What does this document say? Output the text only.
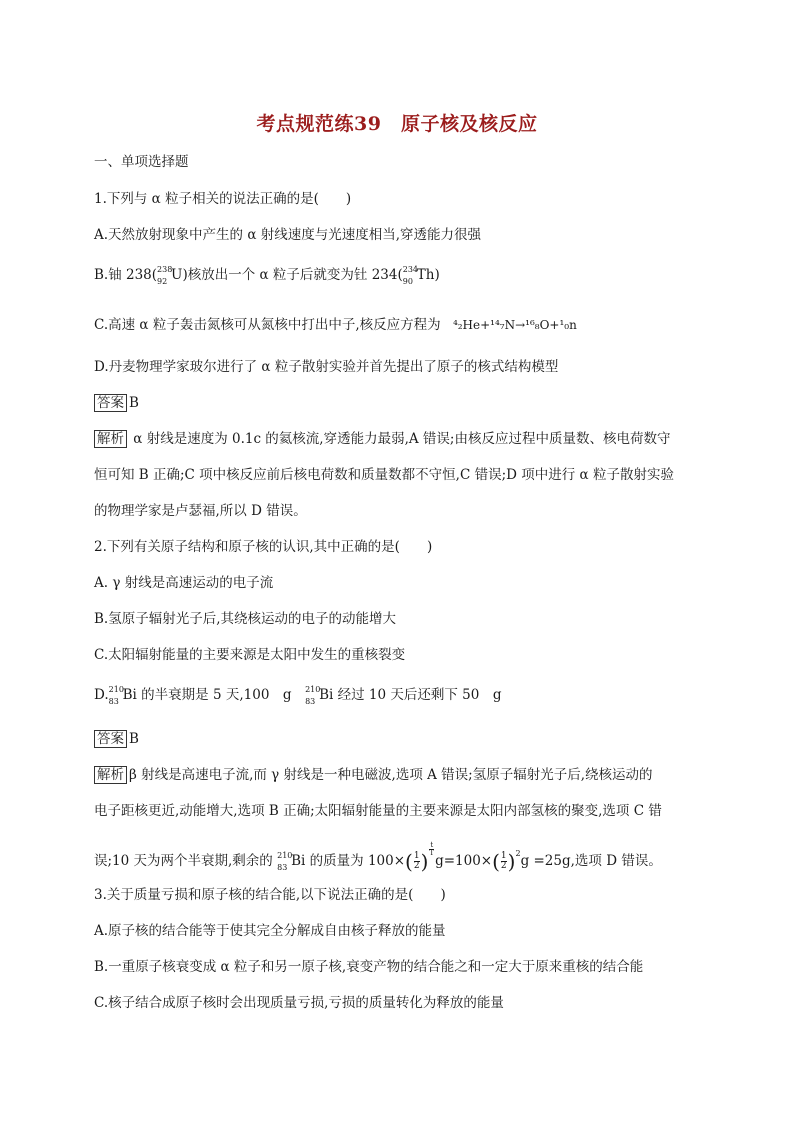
考点规范练39　原子核及核反应
一、单项选择题
1.下列与 α 粒子相关的说法正确的是(　　)
A.天然放射现象中产生的 α 射线速度与光速度相当,穿透能力很强
B.铀 238( 238
92 U)核放出一个 α 粒子后就变为钍 234( 234
90 Th)
C.高速 α 粒子轰击氮核可从氮核中打出中子,核反应方程为 ⁴₂He+¹⁴₇N→¹⁶₈O+¹₀n
D.丹麦物理学家玻尔进行了 α 粒子散射实验并首先提出了原子的核式结构模型
答案 B
解析 α 射线是速度为 0.1c 的氦核流,穿透能力最弱,A 错误;由核反应过程中质量数、核电荷数守
恒可知 B 正确;C 项中核反应前后核电荷数和质量数都不守恒,C 错误;D 项中进行 α 粒子散射实验
的物理学家是卢瑟福,所以 D 错误。
2.下列有关原子结构和原子核的认识,其中正确的是(　　)
A. γ 射线是高速运动的电子流
B.氢原子辐射光子后,其绕核运动的电子的动能增大
C.太阳辐射能量的主要来源是太阳中发生的重核裂变
D. 210
83 Bi 的半衰期是 5 天,100　g　 210
83 Bi 经过 10 天后还剩下 50　g
答案 B
解析 β 射线是高速电子流,而 γ 射线是一种电磁波,选项 A 错误;氢原子辐射光子后,绕核运动的
电子距核更近,动能增大,选项 B 正确;太阳辐射能量的主要来源是太阳内部氢核的聚变,选项 C 错
误;10 天为两个半衰期,剩余的 210
83 Bi 的质量为 $100\times( \frac{1}{2}$ ) $\frac{t}{T}$
$g=100\times( \frac{1}{2} )^2g =25g$,选项 D 错误。
3.关于质量亏损和原子核的结合能,以下说法正确的是(　　)
A.原子核的结合能等于使其完全分解成自由核子释放的能量
B.一重原子核衰变成 α 粒子和另一原子核,衰变产物的结合能之和一定大于原来重核的结合能
C.核子结合成原子核时会出现质量亏损,亏损的质量转化为释放的能量
